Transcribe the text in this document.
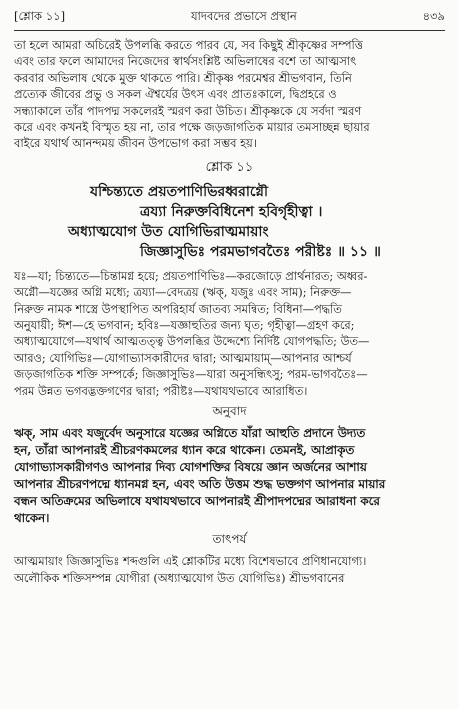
[শ্লোক ১১]	যাদবদের প্রভাসে প্রস্থান	৪৩৯
তা হলে আমরা অচিরেই উপলব্ধি করতে পারব যে, সব কিছুই শ্রীকৃষ্ণের সম্পত্তি
এবং তার ফলে আমাদের নিজেদের স্বার্থসংশ্লিষ্ট অভিলাষের বশে তা আত্মসাৎ
করবার অভিলাষ থেকে মুক্ত থাকতে পারি। শ্রীকৃষ্ণ পরমেশ্বর শ্রীভগবান, তিনি
প্রত্যেক জীবের প্রভু ও সকল ঐশ্বর্যের উৎস এবং প্রাতঃকালে, দ্বিপ্রহরে ও
সন্ধ্যাকালে তাঁর পাদপদ্ম সকলেরই স্মরণ করা উচিত। শ্রীকৃষ্ণকে যে সর্বদা স্মরণ
করে এবং কখনই বিস্মৃত হয় না, তার পক্ষে জড়জাগতিক মায়ার তমসাচ্ছন্ন ছায়ার
বাইরে যথার্থ আনন্দময় জীবন উপভোগ করা সম্ভব হয়।
শ্লোক ১১
যশ্চিন্ত্যতে প্রয়তপাণিভিরধ্বরাগ্নৌ
ত্রয্যা নিরুক্তবিধিনেশ হবির্গৃহীত্বা ।
অধ্যাত্মযোগ উত যোগিভিরাত্মমায়াং
জিজ্ঞাসুভিঃ পরমভাগবতৈঃ পরীষ্টঃ ॥ ১১ ॥
যঃ—যা; চিন্ত্যতে—চিন্তামগ্ন হয়ে; প্রয়তপাণিভিঃ—করজোড়ে প্রার্থনারত; অধ্বর-
অগ্নৌ—যজ্ঞের অগ্নি মধ্যে; ত্রয্যা—বেদত্রয় (ঋক্, যজুঃ এবং সাম); নিরুক্ত—
নিরুক্ত নামক শাস্ত্রে উপস্থাপিত অপরিহার্য জাতব্য সমন্বিত; বিধিনা—পদ্ধতি
অনুযায়ী; ঈশ—হে ভগবান; হবিঃ—যজ্ঞাহুতির জন্য ঘৃত; গৃহীত্বা—গ্রহণ করে;
অধ্যাত্মযোগে—যথার্থ আত্মতত্ত্ব উপলব্ধির উদ্দেশ্যে নির্দিষ্ট যোগপদ্ধতি; উত—
আরও; যোগিভিঃ—যোগাভ্যাসকারীদের দ্বারা; আত্মমায়াম্—আপনার আশ্চর্য
জড়জাগতিক শক্তি সম্পর্কে; জিজ্ঞাসুভিঃ—যারা অনুসন্ধিৎসু; পরম-ভাগবতৈঃ—
পরম উন্নত ভগবদ্ভক্তগণের দ্বারা; পরীষ্টঃ—যথাযথভাবে আরাধিত।
অনুবাদ
ঋক্, সাম এবং যজুর্বেদ অনুসারে যজ্ঞের অগ্নিতে যাঁরা আহুতি প্রদানে উদ্যত
হন, তাঁরা আপনারই শ্রীচরণকমলের ধ্যান করে থাকেন। তেমনই, আপ্রাকৃত
যোগাভ্যাসকারীগণও আপনার দিব্য যোগশক্তির বিষয়ে জ্ঞান অর্জনের আশায়
আপনার শ্রীচরণপদ্মে ধ্যানমগ্ন হন, এবং অতি উত্তম শুদ্ধ ভক্তগণ আপনার মায়ার
বন্ধন অতিক্রমের অভিলাষে যথাযথভাবে আপনারই শ্রীপাদপদ্মের আরাধনা করে
থাকেন।
তাৎপর্য
আত্মমায়াং জিজ্ঞাসুভিঃ শব্দগুলি এই শ্লোকটির মধ্যে বিশেষভাবে প্রণিধানযোগ্য।
অলৌকিক শক্তিসম্পন্ন যোগীরা (অধ্যাত্মযোগ উত যোগিভিঃ) শ্রীভগবানের
